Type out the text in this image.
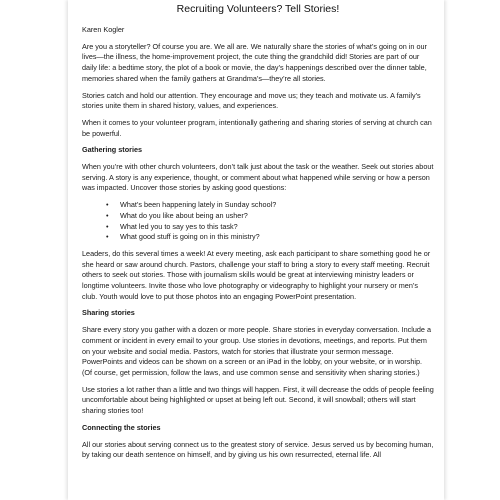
Recruiting Volunteers? Tell Stories!
Karen Kogler

Are you a storyteller? Of course you are. We all are. We naturally share the stories of what’s going on in our lives—the illness, the home-improvement project, the cute thing the grandchild did! Stories are part of our daily life: a bedtime story, the plot of a book or movie, the day’s happenings described over the dinner table, memories shared when the family gathers at Grandma’s—they’re all stories.

Stories catch and hold our attention. They encourage and move us; they teach and motivate us. A family’s stories unite them in shared history, values, and experiences.

When it comes to your volunteer program, intentionally gathering and sharing stories of serving at church can be powerful.

Gathering stories

When you’re with other church volunteers, don’t talk just about the task or the weather. Seek out stories about serving. A story is any experience, thought, or comment about what happened while serving or how a person was impacted. Uncover those stories by asking good questions:

• What’s been happening lately in Sunday school?
• What do you like about being an usher?
• What led you to say yes to this task?
• What good stuff is going on in this ministry?

Leaders, do this several times a week! At every meeting, ask each participant to share something good he or she heard or saw around church. Pastors, challenge your staff to bring a story to every staff meeting. Recruit others to seek out stories. Those with journalism skills would be great at interviewing ministry leaders or longtime volunteers. Invite those who love photography or videography to highlight your nursery or men’s club. Youth would love to put those photos into an engaging PowerPoint presentation.

Sharing stories

Share every story you gather with a dozen or more people. Share stories in everyday conversation. Include a comment or incident in every email to your group. Use stories in devotions, meetings, and reports. Put them on your website and social media. Pastors, watch for stories that illustrate your sermon message. PowerPoints and videos can be shown on a screen or an iPad in the lobby, on your website, or in worship. (Of course, get permission, follow the laws, and use common sense and sensitivity when sharing stories.)

Use stories a lot rather than a little and two things will happen. First, it will decrease the odds of people feeling uncomfortable about being highlighted or upset at being left out. Second, it will snowball; others will start sharing stories too!

Connecting the stories

All our stories about serving connect us to the greatest story of service. Jesus served us by becoming human, by taking our death sentence on himself, and by giving us his own resurrected, eternal life. All
